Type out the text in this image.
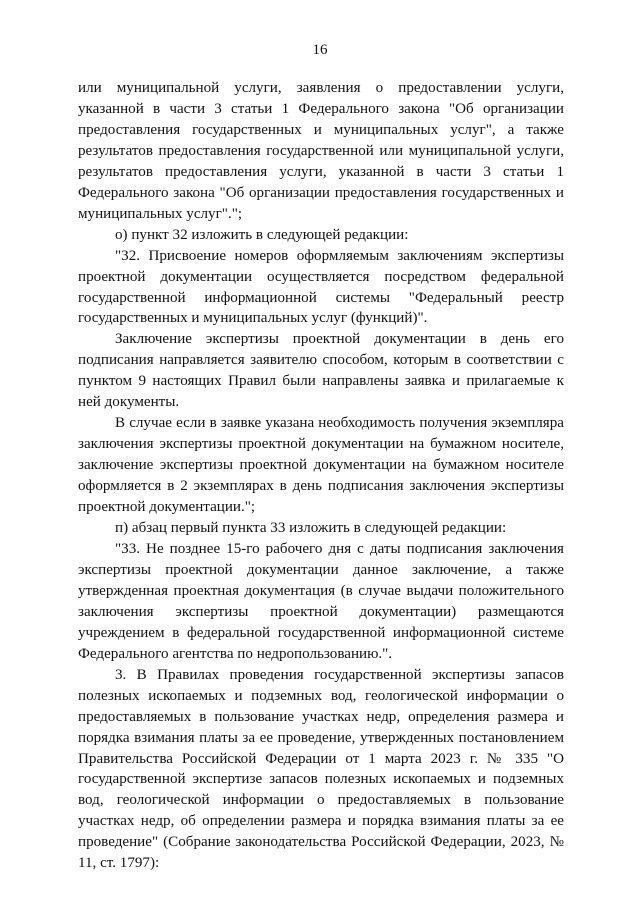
16

или муниципальной услуги, заявления о предоставлении услуги, указанной в части 3 статьи 1 Федерального закона "Об организации предоставления государственных и муниципальных услуг", а также результатов предоставления государственной или муниципальной услуги, результатов предоставления услуги, указанной в части 3 статьи 1 Федерального закона "Об организации предоставления государственных и муниципальных услуг".";

о) пункт 32 изложить в следующей редакции:

"32. Присвоение номеров оформляемым заключениям экспертизы проектной документации осуществляется посредством федеральной государственной информационной системы "Федеральный реестр государственных и муниципальных услуг (функций)".

Заключение экспертизы проектной документации в день его подписания направляется заявителю способом, которым в соответствии с пунктом 9 настоящих Правил были направлены заявка и прилагаемые к ней документы.

В случае если в заявке указана необходимость получения экземпляра заключения экспертизы проектной документации на бумажном носителе, заключение экспертизы проектной документации на бумажном носителе оформляется в 2 экземплярах в день подписания заключения экспертизы проектной документации.";

п) абзац первый пункта 33 изложить в следующей редакции:

"33. Не позднее 15-го рабочего дня с даты подписания заключения экспертизы проектной документации данное заключение, а также утвержденная проектная документация (в случае выдачи положительного заключения экспертизы проектной документации) размещаются учреждением в федеральной государственной информационной системе Федерального агентства по недропользованию.".

3. В Правилах проведения государственной экспертизы запасов полезных ископаемых и подземных вод, геологической информации о предоставляемых в пользование участках недр, определения размера и порядка взимания платы за ее проведение, утвержденных постановлением Правительства Российской Федерации от 1 марта 2023 г. № 335 "О государственной экспертизе запасов полезных ископаемых и подземных вод, геологической информации о предоставляемых в пользование участках недр, об определении размера и порядка взимания платы за ее проведение" (Собрание законодательства Российской Федерации, 2023, № 11, ст. 1797):
